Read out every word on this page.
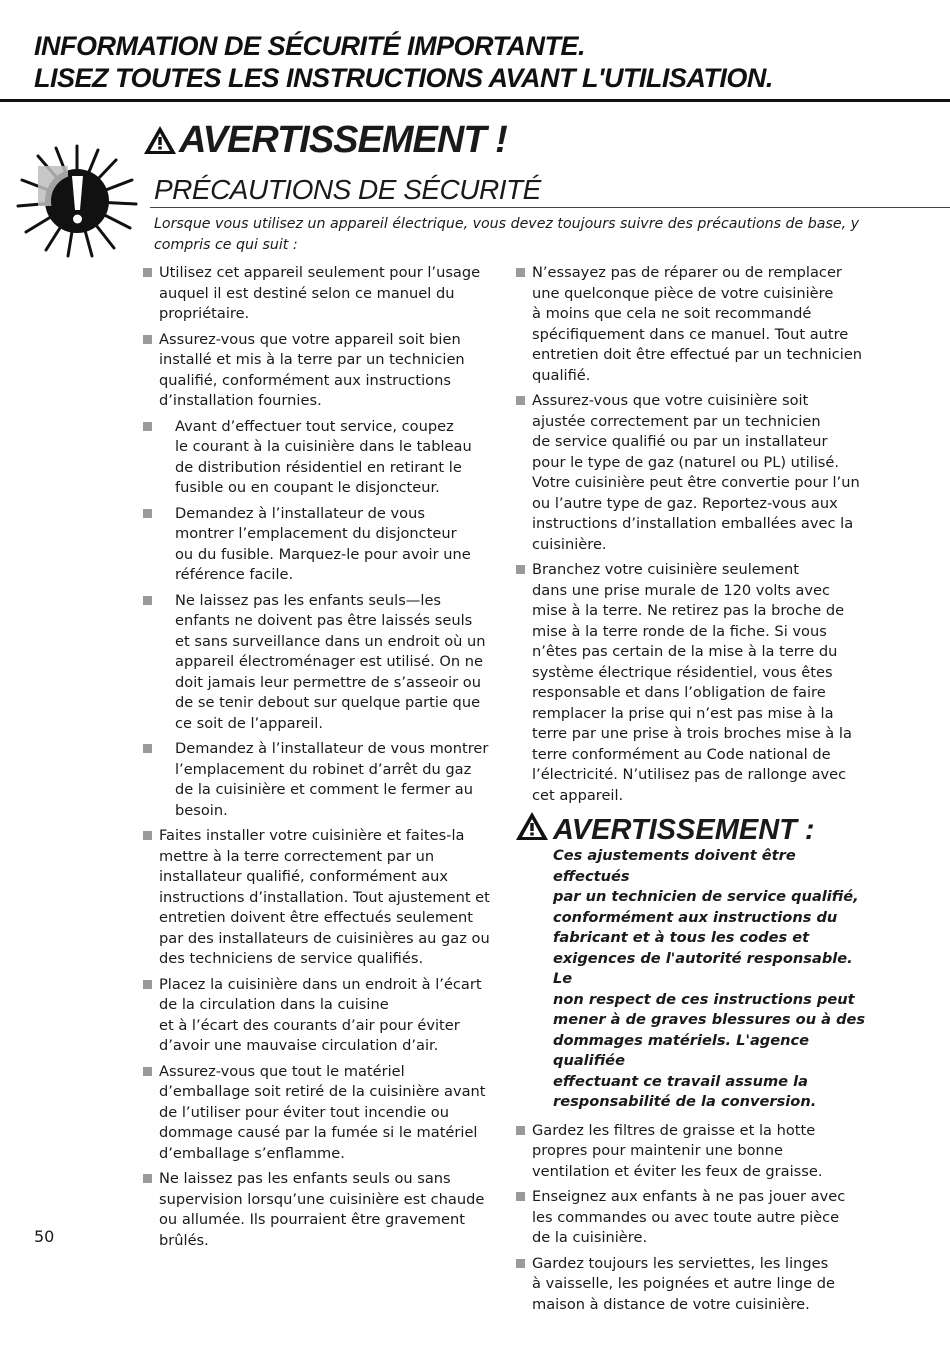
INFORMATION DE SÉCURITÉ IMPORTANTE.
LISEZ TOUTES LES INSTRUCTIONS AVANT L'UTILISATION.
AVERTISSEMENT !
PRÉCAUTIONS DE SÉCURITÉ
Lorsque vous utilisez un appareil électrique, vous devez toujours suivre des précautions de base, y compris ce qui suit :
Utilisez cet appareil seulement pour l’usage
auquel il est destiné selon ce manuel du
propriétaire.
Assurez-vous que votre appareil soit bien
installé et mis à la terre par un technicien
qualifié, conformément aux instructions
d’installation fournies.
Avant d’effectuer tout service, coupez
le courant à la cuisinière dans le tableau
de distribution résidentiel en retirant le
fusible ou en coupant le disjoncteur.
Demandez à l’installateur de vous
montrer l’emplacement du disjoncteur
ou du fusible. Marquez-le pour avoir une
référence facile.
Ne laissez pas les enfants seuls—les
enfants ne doivent pas être laissés seuls
et sans surveillance dans un endroit où un
appareil électroménager est utilisé. On ne
doit jamais leur permettre de s’asseoir ou
de se tenir debout sur quelque partie que
ce soit de l’appareil.
Demandez à l’installateur de vous montrer
l’emplacement du robinet d’arrêt du gaz
de la cuisinière et comment le fermer au
besoin.
Faites installer votre cuisinière et faites-la
mettre à la terre correctement par un
installateur qualifié, conformément aux
instructions d’installation. Tout ajustement et
entretien doivent être effectués seulement
par des installateurs de cuisinières au gaz ou
des techniciens de service qualifiés.
Placez la cuisinière dans un endroit à l’écart
de la circulation dans la cuisine
et à l’écart des courants d’air pour éviter
d’avoir une mauvaise circulation d’air.
Assurez-vous que tout le matériel
d’emballage soit retiré de la cuisinière avant
de l’utiliser pour éviter tout incendie ou
dommage causé par la fumée si le matériel
d’emballage s’enflamme.
Ne laissez pas les enfants seuls ou sans
supervision lorsqu’une cuisinière est chaude
ou allumée. Ils pourraient être gravement
brûlés.
N’essayez pas de réparer ou de remplacer
une quelconque pièce de votre cuisinière
à moins que cela ne soit recommandé
spécifiquement dans ce manuel. Tout autre
entretien doit être effectué par un technicien
qualifié.
Assurez-vous que votre cuisinière soit
ajustée correctement par un technicien
de service qualifié ou par un installateur
pour le type de gaz (naturel ou PL) utilisé.
Votre cuisinière peut être convertie pour l’un
ou l’autre type de gaz. Reportez-vous aux
instructions d’installation emballées avec la
cuisinière.
Branchez votre cuisinière seulement
dans une prise murale de 120 volts avec
mise à la terre. Ne retirez pas la broche de
mise à la terre ronde de la fiche. Si vous
n’êtes pas certain de la mise à la terre du
système électrique résidentiel, vous êtes
responsable et dans l’obligation de faire
remplacer la prise qui n’est pas mise à la
terre par une prise à trois broches mise à la
terre conformément au Code national de
l’électricité. N’utilisez pas de rallonge avec
cet appareil.
AVERTISSEMENT :
Ces ajustements doivent être effectués
par un technicien de service qualifié,
conformément aux instructions du
fabricant et à tous les codes et
exigences de l'autorité responsable. Le
non respect de ces instructions peut
mener à de graves blessures ou à des
dommages matériels. L'agence qualifiée
effectuant ce travail assume la
responsabilité de la conversion.
Gardez les filtres de graisse et la hotte
propres pour maintenir une bonne
ventilation et éviter les feux de graisse.
Enseignez aux enfants à ne pas jouer avec
les commandes ou avec toute autre pièce
de la cuisinière.
Gardez toujours les serviettes, les linges
à vaisselle, les poignées et autre linge de
maison à distance de votre cuisinière.
50
